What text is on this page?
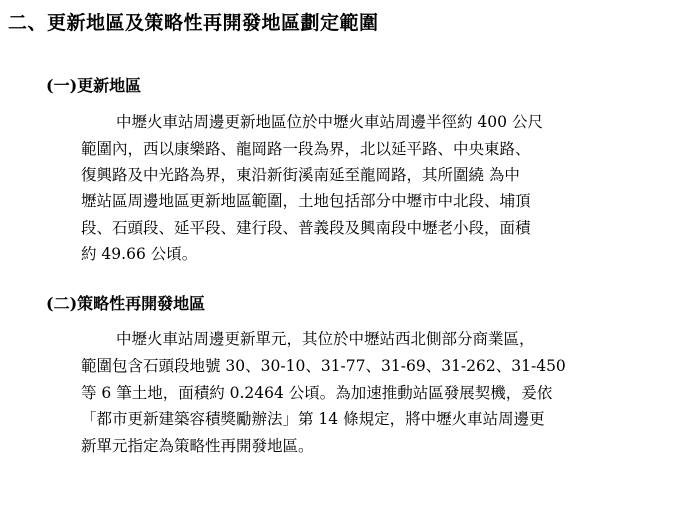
二、更新地區及策略性再開發地區劃定範圍
(一)更新地區
中壢火車站周邊更新地區位於中壢火車站周邊半徑約 400 公尺
範圍內，西以康樂路、龍岡路一段為界，北以延平路、中央東路、
復興路及中光路為界，東沿新街溪南延至龍岡路，其所圍繞 為中
壢站區周邊地區更新地區範圍，土地包括部分中壢市中北段、埔頂
段、石頭段、延平段、建行段、普義段及興南段中壢老小段，面積
約 49.66 公頃。
(二)策略性再開發地區
中壢火車站周邊更新單元，其位於中壢站西北側部分商業區，
範圍包含石頭段地號 30、30-10、31-77、31-69、31-262、31-450
等 6 筆土地，面積約 0.2464 公頃。為加速推動站區發展契機，爰依
「都市更新建築容積獎勵辦法」第 14 條規定，將中壢火車站周邊更
新單元指定為策略性再開發地區。
